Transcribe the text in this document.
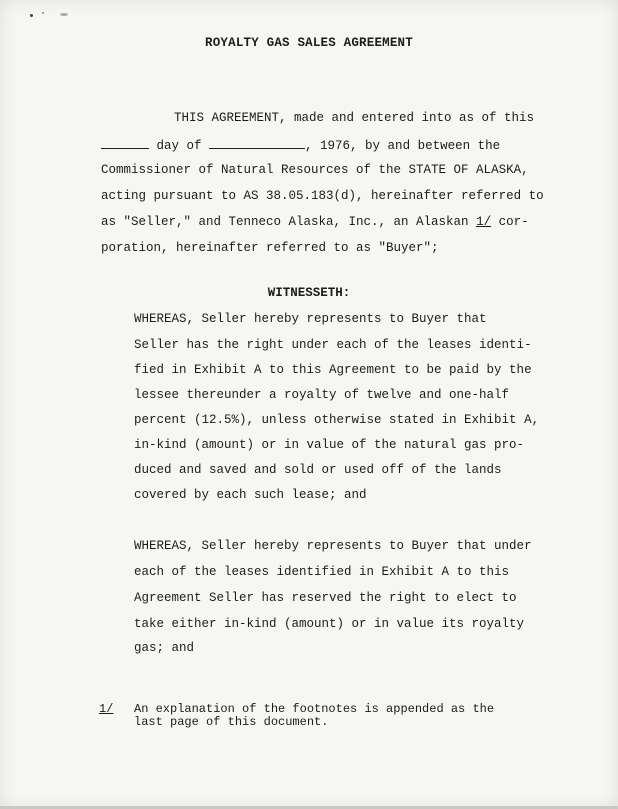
ROYALTY GAS SALES AGREEMENT
THIS AGREEMENT, made and entered into as of this
day of	, 1976, by and between the
Commissioner of Natural Resources of the STATE OF ALASKA,
acting pursuant to AS 38.05.183(d), hereinafter referred to
as "Seller," and Tenneco Alaska, Inc., an Alaskan 1/ cor-
poration, hereinafter referred to as "Buyer";
WITNESSETH:
WHEREAS, Seller hereby represents to Buyer that
Seller has the right under each of the leases identi-
fied in Exhibit A to this Agreement to be paid by the
lessee thereunder a royalty of twelve and one-half
percent (12.5%), unless otherwise stated in Exhibit A,
in-kind (amount) or in value of the natural gas pro-
duced and saved and sold or used off of the lands
covered by each such lease; and
WHEREAS, Seller hereby represents to Buyer that under
each of the leases identified in Exhibit A to this
Agreement Seller has reserved the right to elect to
take either in-kind (amount) or in value its royalty
gas; and
1/ An explanation of the footnotes is appended as the
last page of this document.
